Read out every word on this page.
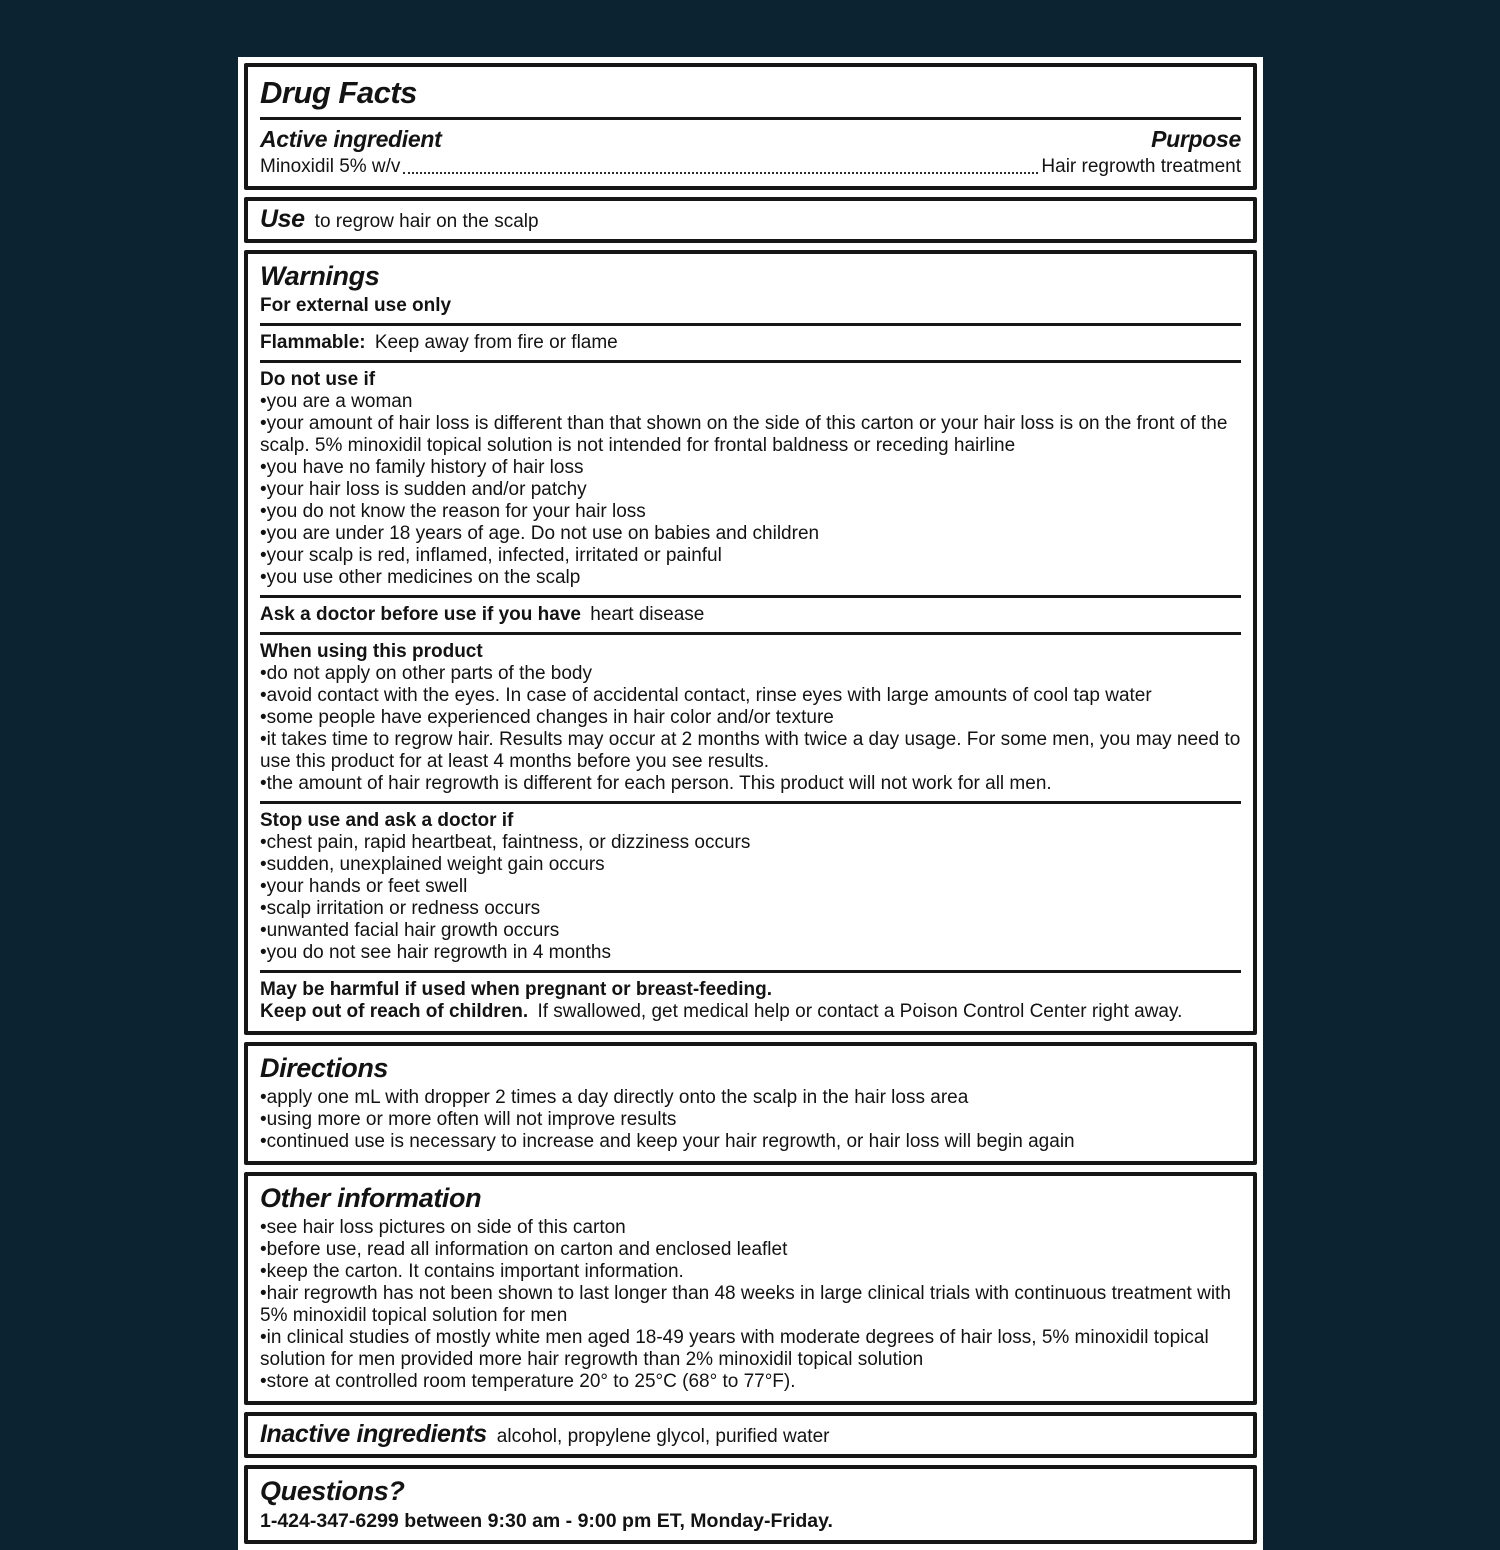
Drug Facts
Active ingredient	Purpose
Minoxidil 5% w/v	Hair regrowth treatment
Use to regrow hair on the scalp
Warnings
For external use only
Flammable: Keep away from fire or flame
Do not use if
• you are a woman
• your amount of hair loss is different than that shown on the side of this carton or your hair loss is on the front of the scalp. 5% minoxidil topical solution is not intended for frontal baldness or receding hairline
• you have no family history of hair loss
• your hair loss is sudden and/or patchy
• you do not know the reason for your hair loss
• you are under 18 years of age. Do not use on babies and children
• your scalp is red, inflamed, infected, irritated or painful
• you use other medicines on the scalp
Ask a doctor before use if you have heart disease
When using this product
• do not apply on other parts of the body
• avoid contact with the eyes. In case of accidental contact, rinse eyes with large amounts of cool tap water
• some people have experienced changes in hair color and/or texture
• it takes time to regrow hair. Results may occur at 2 months with twice a day usage. For some men, you may need to use this product for at least 4 months before you see results.
• the amount of hair regrowth is different for each person. This product will not work for all men.
Stop use and ask a doctor if
• chest pain, rapid heartbeat, faintness, or dizziness occurs
• sudden, unexplained weight gain occurs
• your hands or feet swell
• scalp irritation or redness occurs
• unwanted facial hair growth occurs
• you do not see hair regrowth in 4 months
May be harmful if used when pregnant or breast-feeding.
Keep out of reach of children. If swallowed, get medical help or contact a Poison Control Center right away.
Directions
• apply one mL with dropper 2 times a day directly onto the scalp in the hair loss area
• using more or more often will not improve results
• continued use is necessary to increase and keep your hair regrowth, or hair loss will begin again
Other information
• see hair loss pictures on side of this carton
• before use, read all information on carton and enclosed leaflet
• keep the carton. It contains important information.
• hair regrowth has not been shown to last longer than 48 weeks in large clinical trials with continuous treatment with 5% minoxidil topical solution for men
• in clinical studies of mostly white men aged 18-49 years with moderate degrees of hair loss, 5% minoxidil topical solution for men provided more hair regrowth than 2% minoxidil topical solution
• store at controlled room temperature 20° to 25°C (68° to 77°F).
Inactive ingredients alcohol, propylene glycol, purified water
Questions?
1-424-347-6299 between 9:30 am - 9:00 pm ET, Monday-Friday.
